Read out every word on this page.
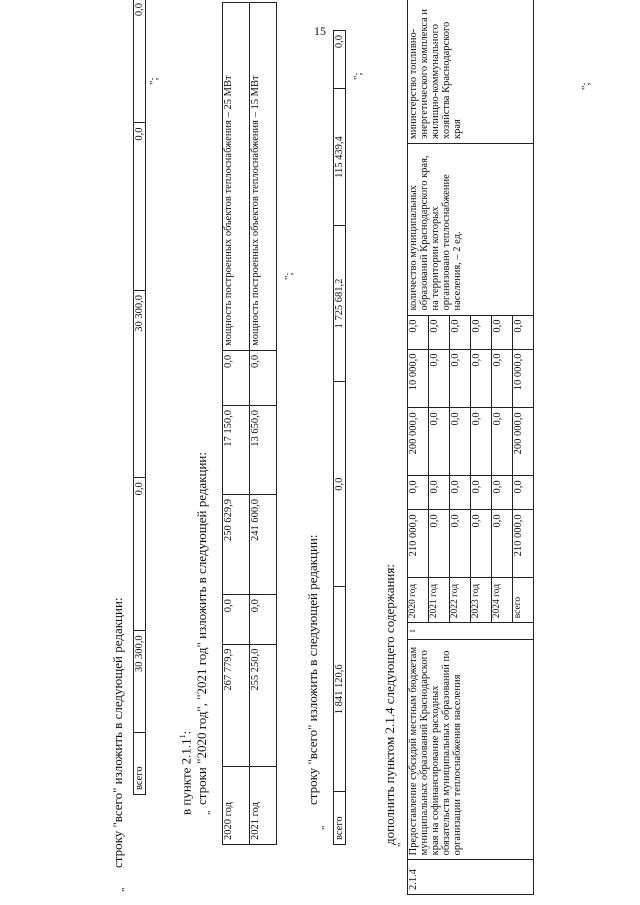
15
"
строку "всего" изложить в следующей редакции: всего	30 300,0	0,0	30 300,0	0,0	0,0
";
в пункте 2.1.1$^1$:
"
строки "2020 год", "2021 год" изложить в следующей редакции:
2020 год	267 779,9	0,0	250 629,9	17 150,0	0,0	мощность построенных объектов теплоснабжения – 25 МВт
2021 год	255 250,0	0,0	241 600,0	13 650,0	0,0	мощность построенных объектов теплоснабжения – 15 МВт ";
"
строку "всего" изложить в следующей редакции:
всего	1 841 120,6	0,0	1 725 681,2	115 439,4	0,0
";
дополнить пунктом 2.1.4 следующего содержания: "
2.1.4	Предоставление субсидий местным бюджетам муниципальных образований Краснодарского края на софинансирование расходных обязательств муниципальных образований по организации теплоснабжения населения	1	2020 год	210 000,0	0,0	200 000,0	10 000,0	0,0	количество муниципальных образований Краснодарского края, на территории которых организовано теплоснабжение населения, – 2 ед.	министерство топливно-энергетического комплекса и жилищно-коммунального хозяйства Краснодарского края
			2021 год	0,0	0,0	0,0	0,0	0,0		
			2022 год	0,0	0,0	0,0	0,0	0,0		
			2023 год	0,0	0,0	0,0	0,0	0,0		
			2024 год	0,0	0,0	0,0	0,0	0,0		
			всего	210 000,0	0,0	200 000,0	10 000,0	0,0		
";
